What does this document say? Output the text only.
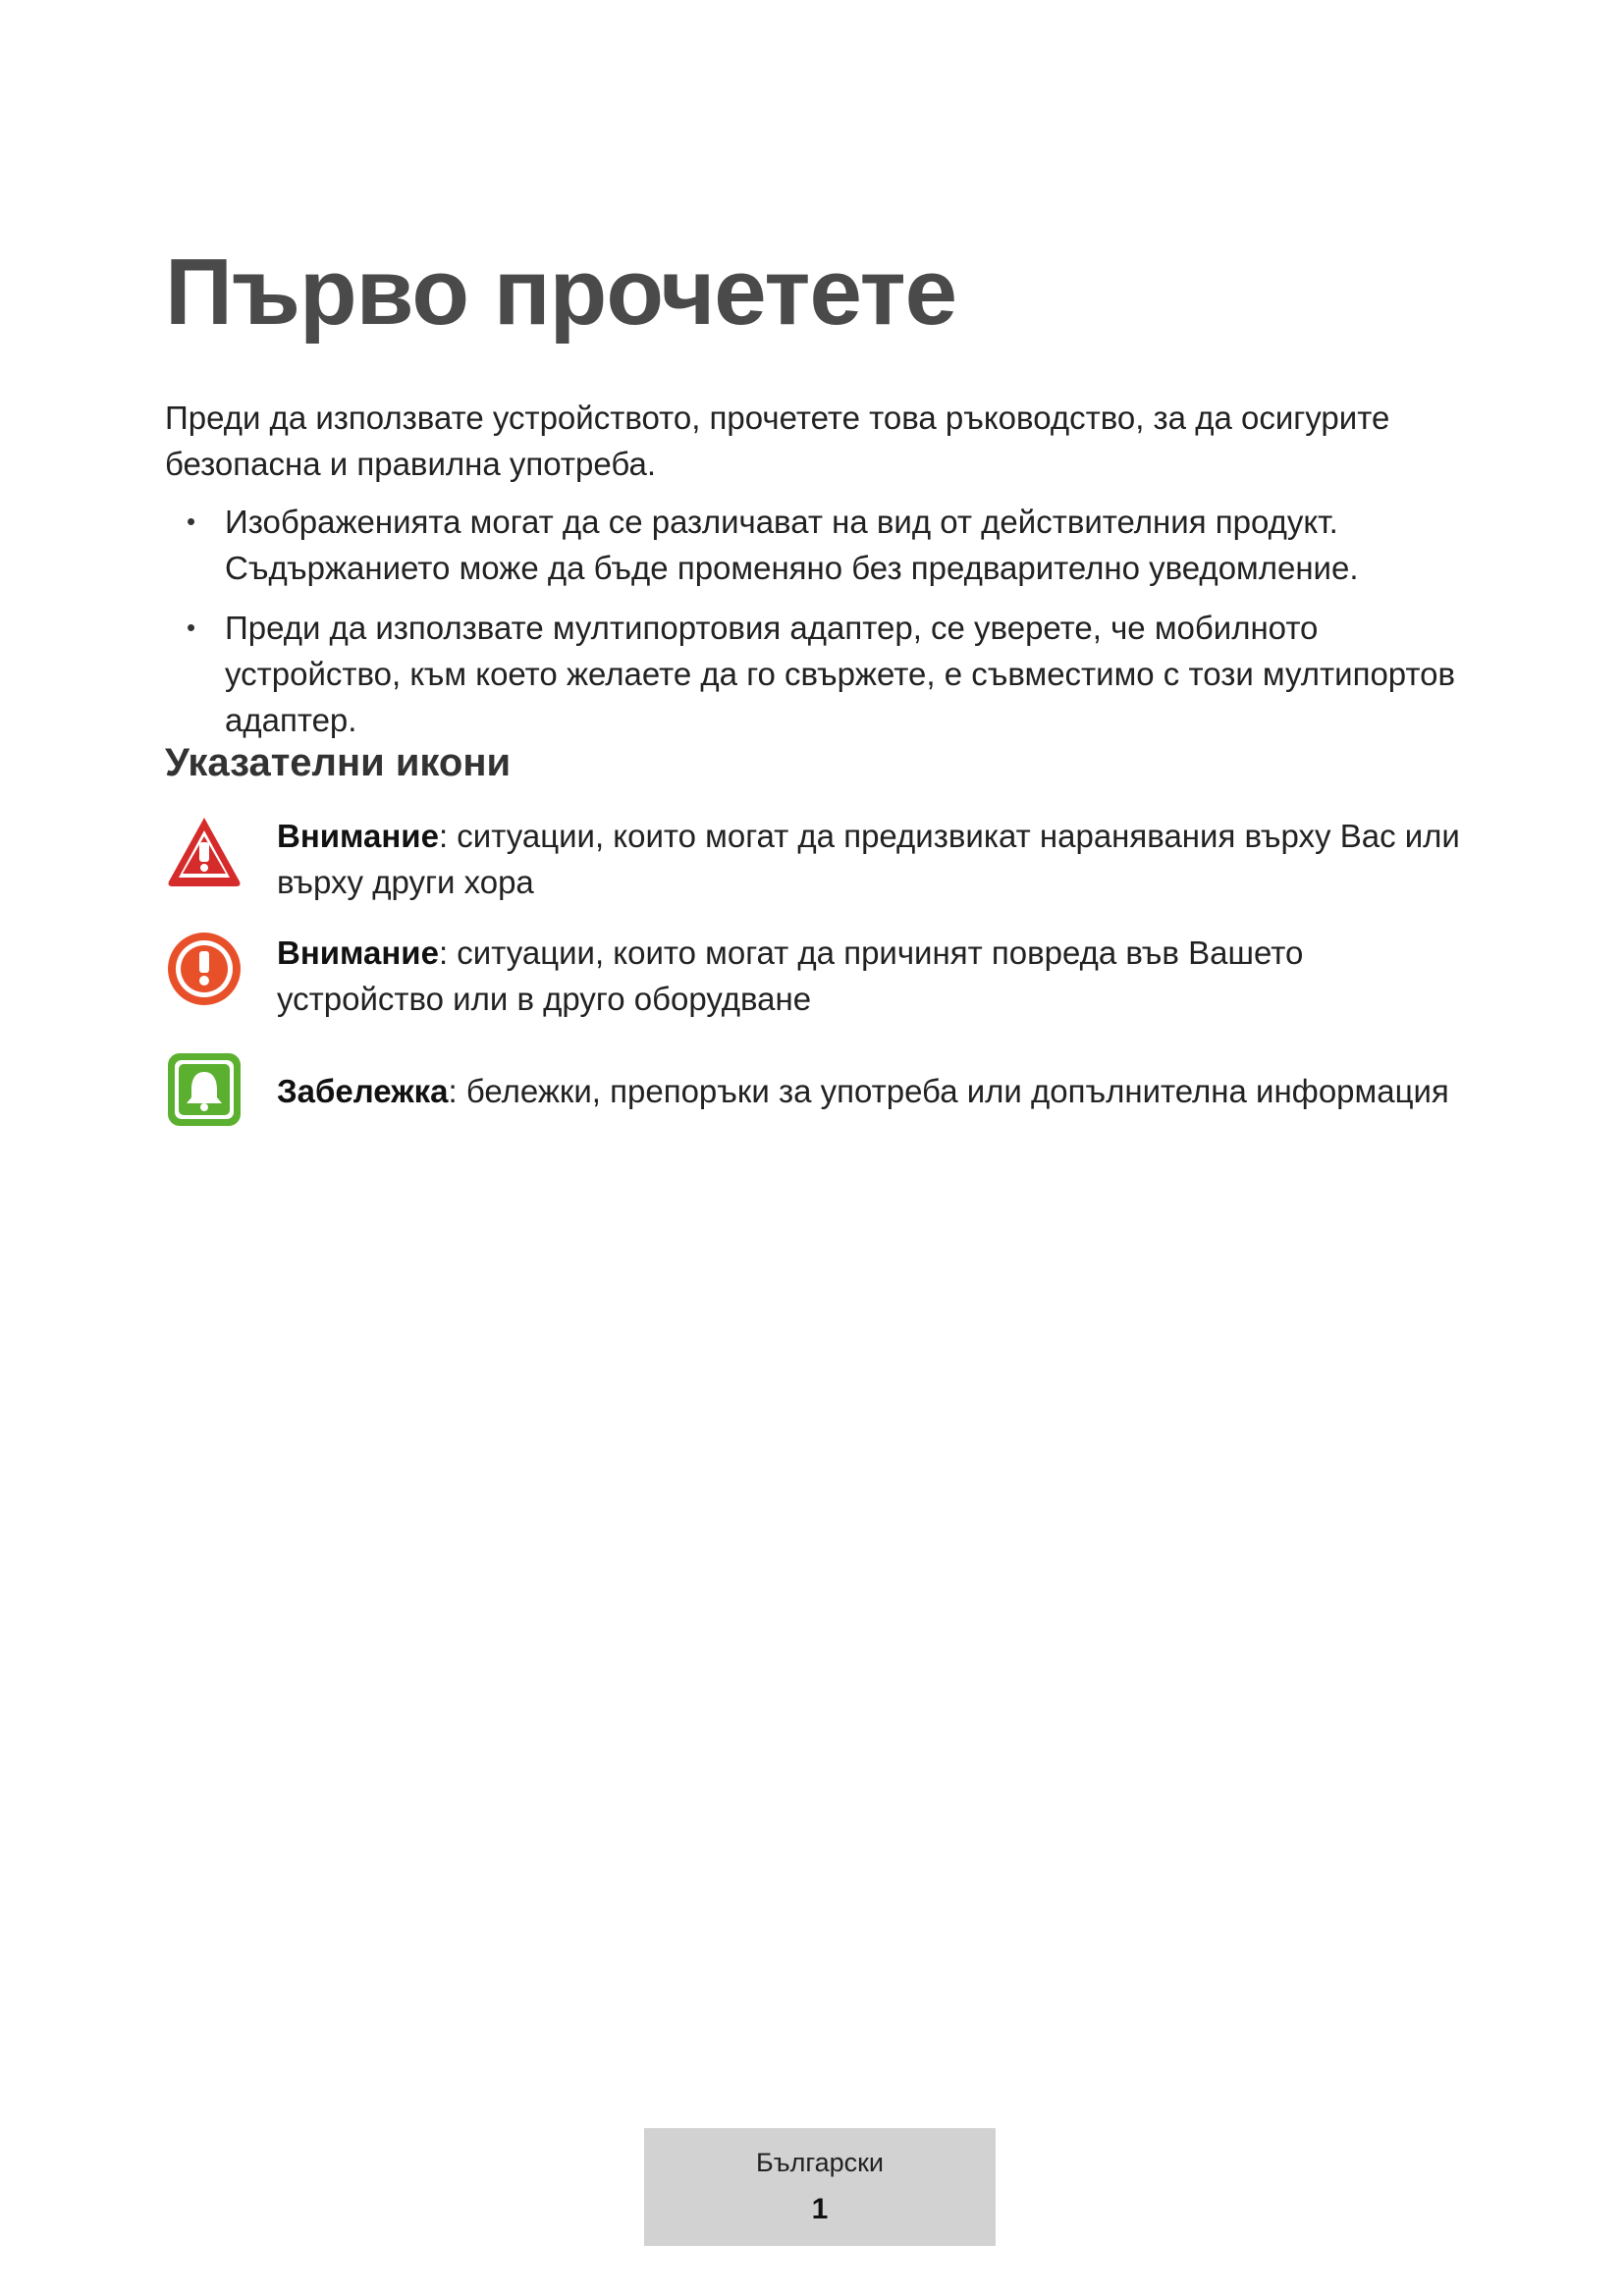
Първо прочетете

Преди да използвате устройството, прочетете това ръководство, за да осигурите безопасна и правилна употреба.

• Изображенията могат да се различават на вид от действителния продукт. Съдържанието може да бъде променяно без предварително уведомление.
• Преди да използвате мултипортовия адаптер, се уверете, че мобилното устройство, към което желаете да го свържете, е съвместимо с този мултипортов адаптер.
Указателни икони
Внимание: ситуации, които могат да предизвикат наранявания върху Вас или върху други хора
Внимание: ситуации, които могат да причинят повреда във Вашето устройство или в друго оборудване
Забележка: бележки, препоръки за употреба или допълнителна информация
Български
1
